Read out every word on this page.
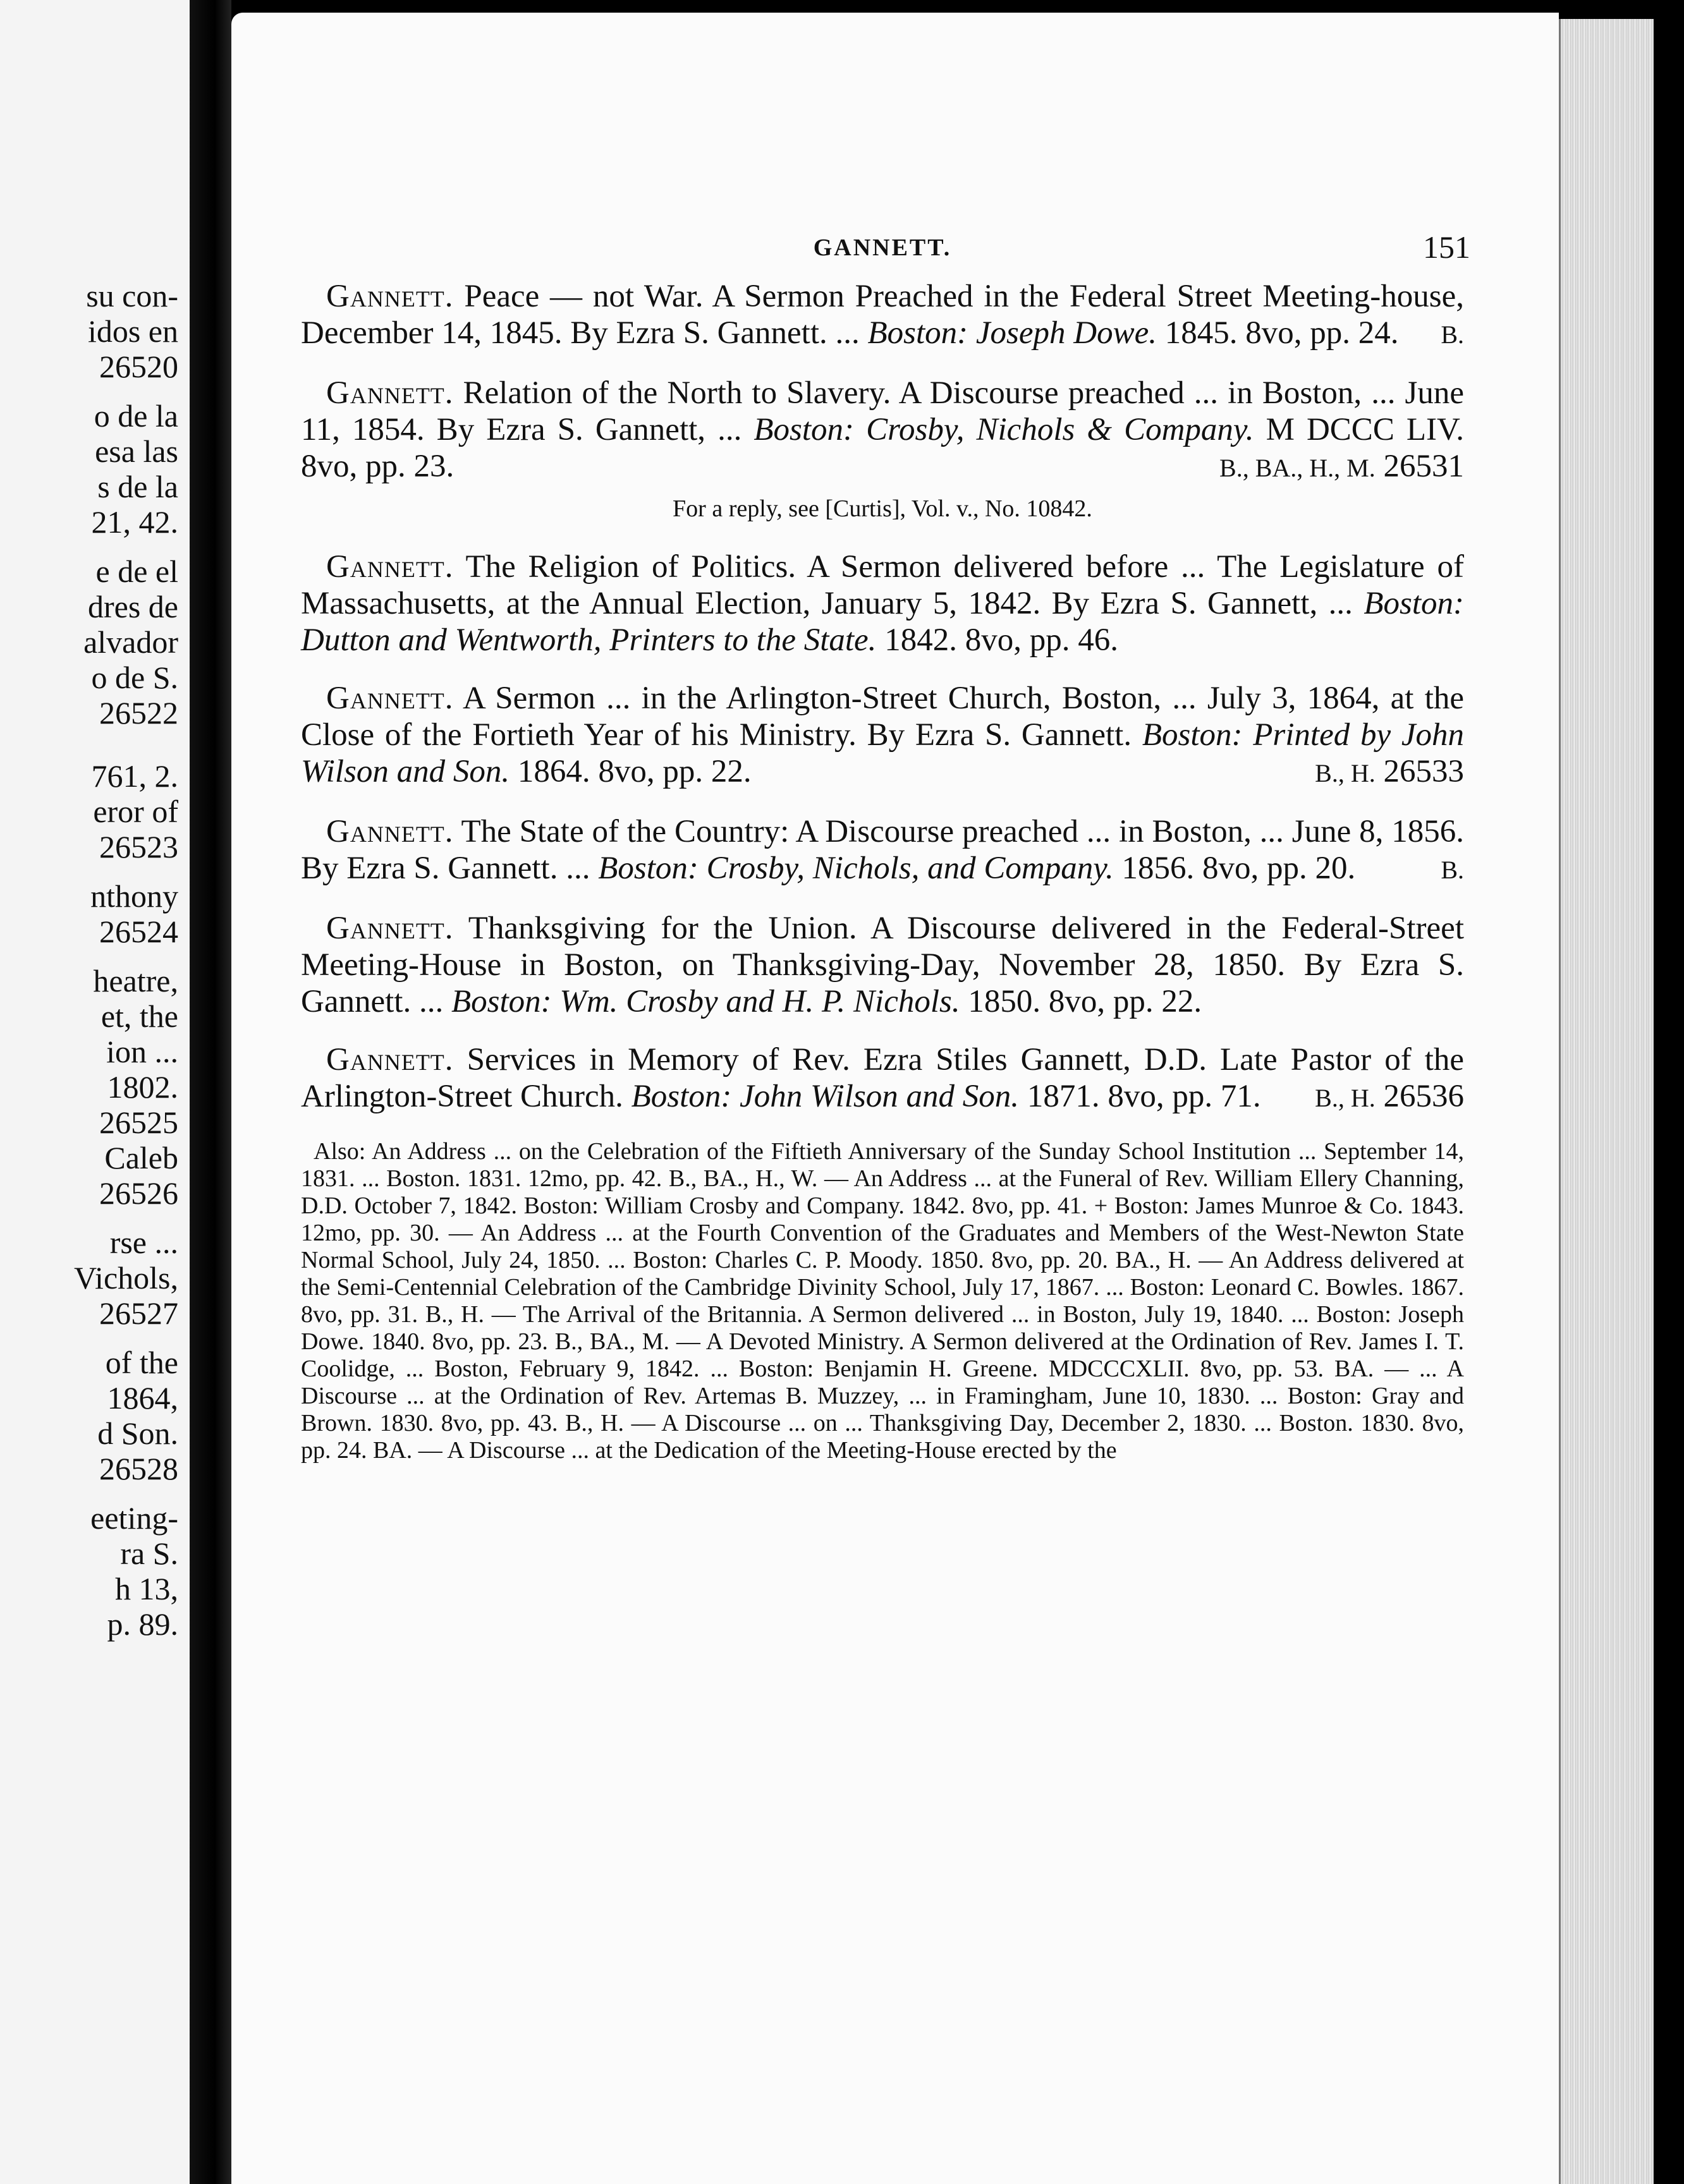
su con-
idos en
26520
o de la
esa las
s de la
21, 42.
e de el
dres de
alvador
o de S.
26522
761, 2.
eror of
26523
nthony
26524
heatre,
et, the
ion ...
1802.
26525
Caleb
26526
rse ...
Vichols,
26527
of the
1864,
d Son.
26528
eeting-
ra S.
h 13,
p. 89.
GANNETT.	151

Gannett. Peace — not War. A Sermon Preached in the Federal Street Meeting-house, December 14, 1845. By Ezra S. Gannett. ... Boston: Joseph Dowe. 1845. 8vo, pp. 24.	B.

Gannett. Relation of the North to Slavery. A Discourse preached ... in Boston, ... June 11, 1854. By Ezra S. Gannett, ... Boston: Crosby, Nichols & Company. M DCCC LIV. 8vo, pp. 23.	B., BA., H., M. 26531

For a reply, see [Curtis], Vol. v., No. 10842.

Gannett. The Religion of Politics. A Sermon delivered before ... The Legislature of Massachusetts, at the Annual Election, January 5, 1842. By Ezra S. Gannett, ... Boston: Dutton and Wentworth, Printers to the State. 1842. 8vo, pp. 46.

Gannett. A Sermon ... in the Arlington-Street Church, Boston, ... July 3, 1864, at the Close of the Fortieth Year of his Ministry. By Ezra S. Gannett. Boston: Printed by John Wilson and Son. 1864. 8vo, pp. 22.	B., H. 26533

Gannett. The State of the Country: A Discourse preached ... in Boston, ... June 8, 1856. By Ezra S. Gannett. ... Boston: Crosby, Nichols, and Company. 1856. 8vo, pp. 20.	B.

Gannett. Thanksgiving for the Union. A Discourse delivered in the Federal-Street Meeting-House in Boston, on Thanksgiving-Day, November 28, 1850. By Ezra S. Gannett. ... Boston: Wm. Crosby and H. P. Nichols. 1850. 8vo, pp. 22.

Gannett. Services in Memory of Rev. Ezra Stiles Gannett, D.D. Late Pastor of the Arlington-Street Church. Boston: John Wilson and Son. 1871. 8vo, pp. 71.	B., H. 26536

Also: An Address ... on the Celebration of the Fiftieth Anniversary of the Sunday School Institution ... September 14, 1831. ... Boston. 1831. 12mo, pp. 42. B., BA., H., W. — An Address ... at the Funeral of Rev. William Ellery Channing, D.D. October 7, 1842. Boston: William Crosby and Company. 1842. 8vo, pp. 41. + Boston: James Munroe & Co. 1843. 12mo, pp. 30. — An Address ... at the Fourth Convention of the Graduates and Members of the West-Newton State Normal School, July 24, 1850. ... Boston: Charles C. P. Moody. 1850. 8vo, pp. 20. BA., H. — An Address delivered at the Semi-Centennial Celebration of the Cambridge Divinity School, July 17, 1867. ... Boston: Leonard C. Bowles. 1867. 8vo, pp. 31. B., H. — The Arrival of the Britannia. A Sermon delivered ... in Boston, July 19, 1840. ... Boston: Joseph Dowe. 1840. 8vo, pp. 23. B., BA., M. — A Devoted Ministry. A Sermon delivered at the Ordination of Rev. James I. T. Coolidge, ... Boston, February 9, 1842. ... Boston: Benjamin H. Greene. MDCCCXLII. 8vo, pp. 53. BA. — ... A Discourse ... at the Ordination of Rev. Artemas B. Muzzey, ... in Framingham, June 10, 1830. ... Boston: Gray and Brown. 1830. 8vo, pp. 43. B., H. — A Discourse ... on ... Thanksgiving Day, December 2, 1830. ... Boston. 1830. 8vo, pp. 24. BA. — A Discourse ... at the Dedication of the Meeting-House erected by the
